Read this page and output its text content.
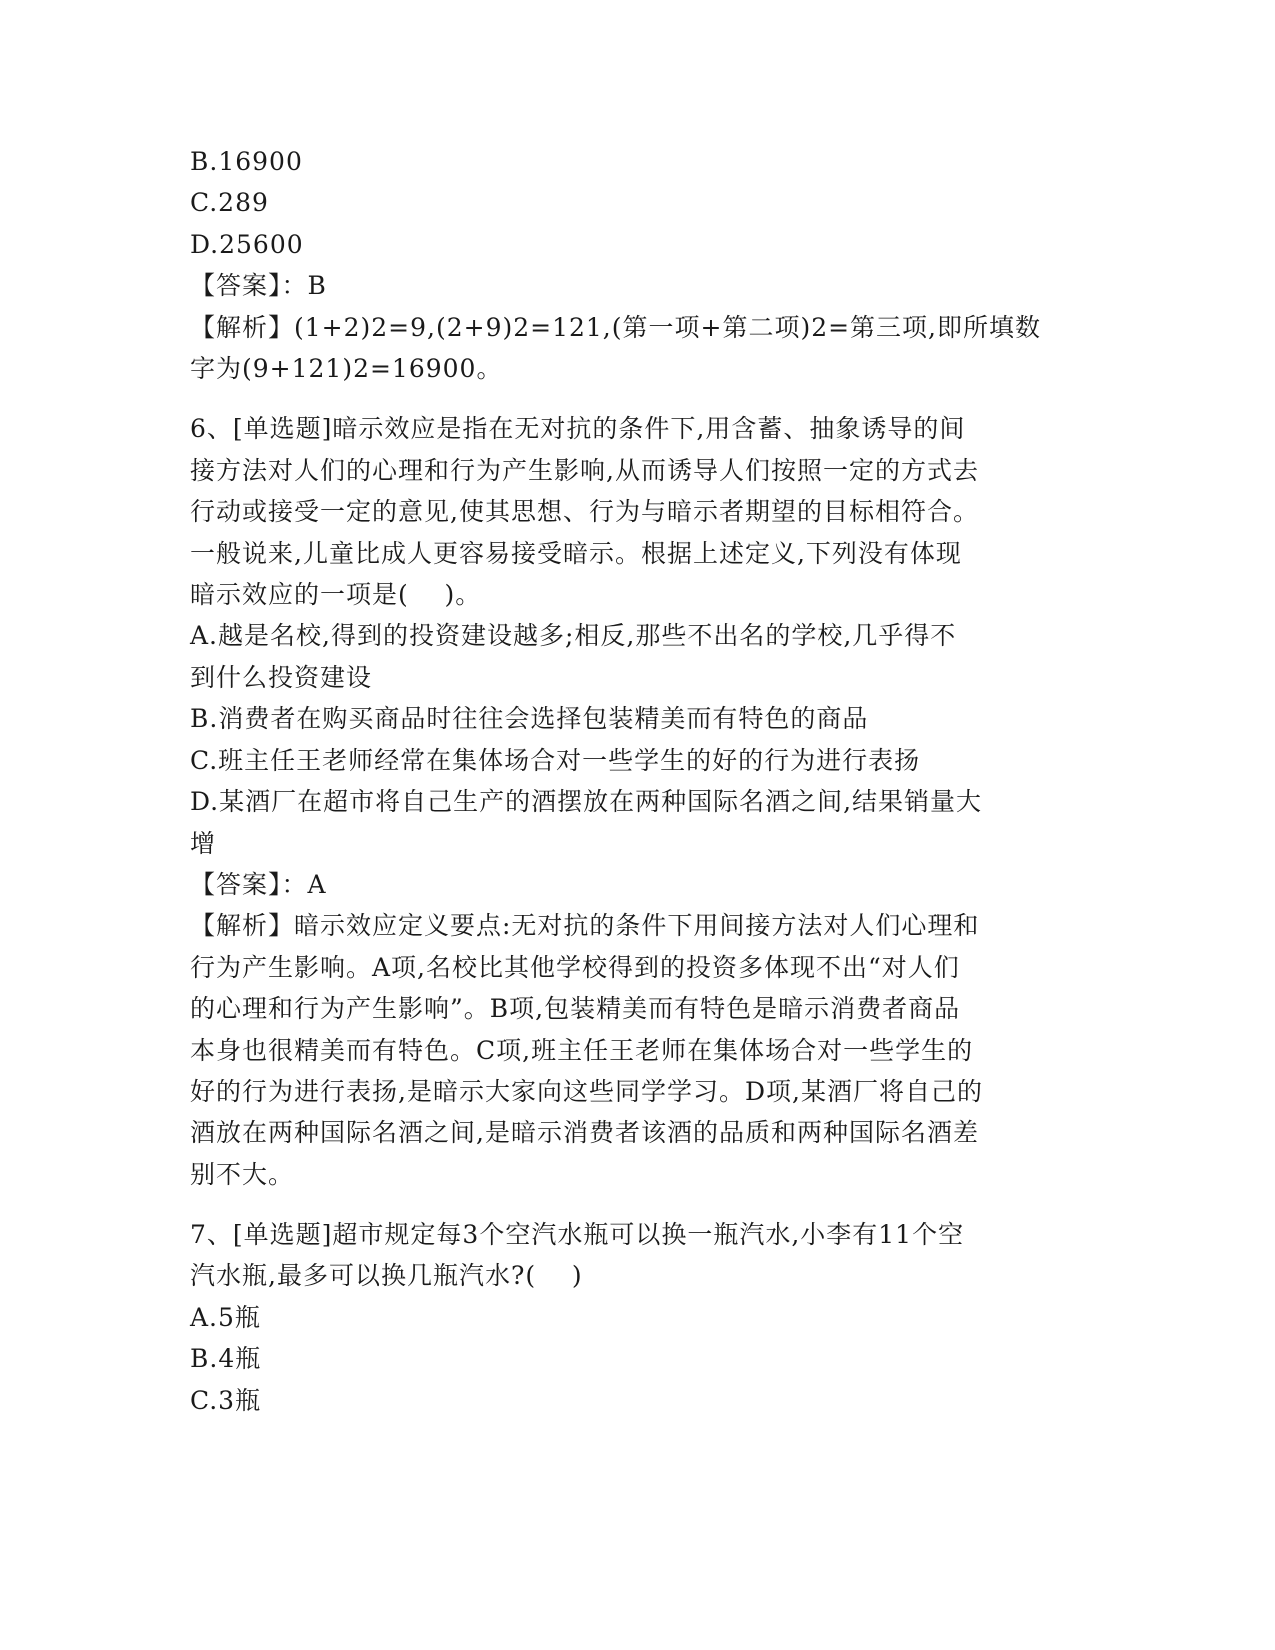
B.16900
C.289
D.25600
【答案】：B
【解析】(1+2)2=9,(2+9)2=121,(第一项+第二项)2=第三项,即所填数
字为(9+121)2=16900。
6、[单选题]暗示效应是指在无对抗的条件下,用含蓄、抽象诱导的间
接方法对人们的心理和行为产生影响,从而诱导人们按照一定的方式去
行动或接受一定的意见,使其思想、行为与暗示者期望的目标相符合。
一般说来,儿童比成人更容易接受暗示。根据上述定义,下列没有体现
暗示效应的一项是(    )。
A.越是名校,得到的投资建设越多;相反,那些不出名的学校,几乎得不
到什么投资建设
B.消费者在购买商品时往往会选择包装精美而有特色的商品
C.班主任王老师经常在集体场合对一些学生的好的行为进行表扬
D.某酒厂在超市将自己生产的酒摆放在两种国际名酒之间,结果销量大
增
【答案】：A
【解析】暗示效应定义要点:无对抗的条件下用间接方法对人们心理和
行为产生影响。A项,名校比其他学校得到的投资多体现不出“对人们
的心理和行为产生影响”。B项,包装精美而有特色是暗示消费者商品
本身也很精美而有特色。C项,班主任王老师在集体场合对一些学生的
好的行为进行表扬,是暗示大家向这些同学学习。D项,某酒厂将自己的
酒放在两种国际名酒之间,是暗示消费者该酒的品质和两种国际名酒差
别不大。
7、[单选题]超市规定每3个空汽水瓶可以换一瓶汽水,小李有11个空
汽水瓶,最多可以换几瓶汽水?(    )
A.5瓶
B.4瓶
C.3瓶
